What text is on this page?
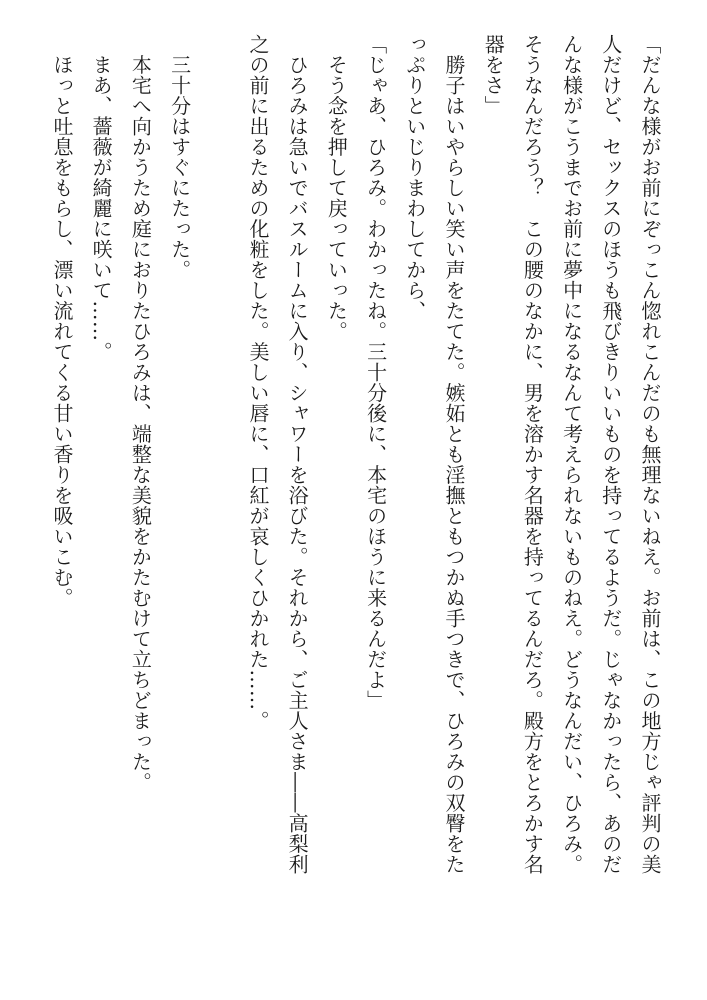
「だんな様がお前にぞっこん惚れこんだのも無理ないねえ。お前は、この地方じゃ評判の美
人だけど、セックスのほうも飛びきりいいものを持ってるようだ。じゃなかったら、あのだ
んな様がこうまでお前に夢中になるなんて考えられないものねえ。どうなんだい、ひろみ。
そうなんだろう？　この腰のなかに、男を溶かす名器を持ってるんだろ。殿方をとろかす名
器をさ」
　勝子はいやらしい笑い声をたてた。嫉妬とも淫撫ともつかぬ手つきで、ひろみの双臀をた
っぷりといじりまわしてから、
「じゃあ、ひろみ。わかったね。三十分後に、本宅のほうに来るんだよ」
　そう念を押して戻っていった。
　ひろみは急いでバスルームに入り、シャワーを浴びた。それから、ご主人さま――高梨利
之の前に出るための化粧をした。美しい唇に、口紅が哀しくひかれた……。
　三十分はすぐにたった。
　本宅へ向かうため庭におりたひろみは、端整な美貌をかたむけて立ちどまった。
　まあ、薔薇が綺麗に咲いて……。
　ほっと吐息をもらし、漂い流れてくる甘い香りを吸いこむ。
